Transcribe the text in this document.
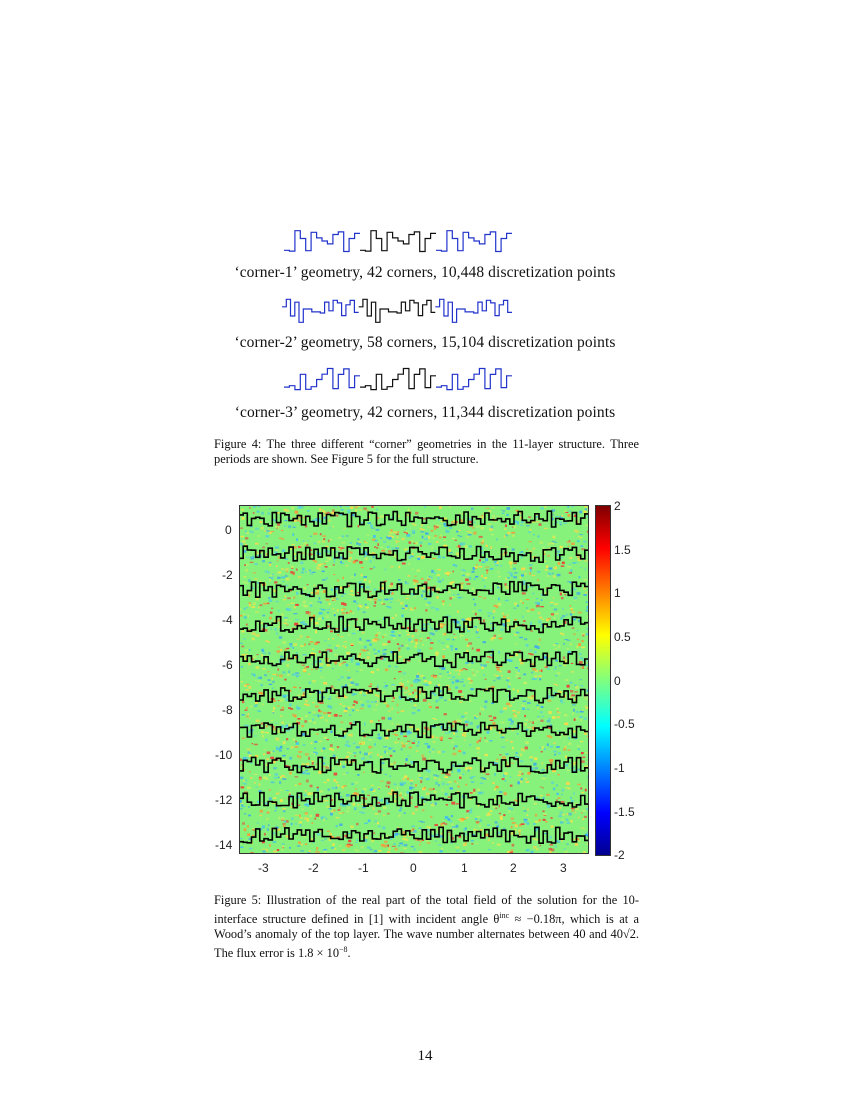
‘corner-1’ geometry, 42 corners, 10,448 discretization points
‘corner-2’ geometry, 58 corners, 15,104 discretization points
‘corner-3’ geometry, 42 corners, 11,344 discretization points

Figure 4: The three different “corner” geometries in the 11-layer structure. Three periods are shown. See Figure 5 for the full structure.

0
-2
-4
-6
-8
-10
-12
-14
-3	-2	-1	0	1	2	3
2
1.5
1
0.5
0
-0.5
-1
-1.5
-2

Figure 5: Illustration of the real part of the total field of the solution for the 10-interface structure defined in [1] with incident angle $\theta^{inc} \approx -0.18\pi$, which is at a Wood’s anomaly of the top layer. The wave number alternates between 40 and 40√2. The flux error is $1.8 \times 10^{-8}$.

14
